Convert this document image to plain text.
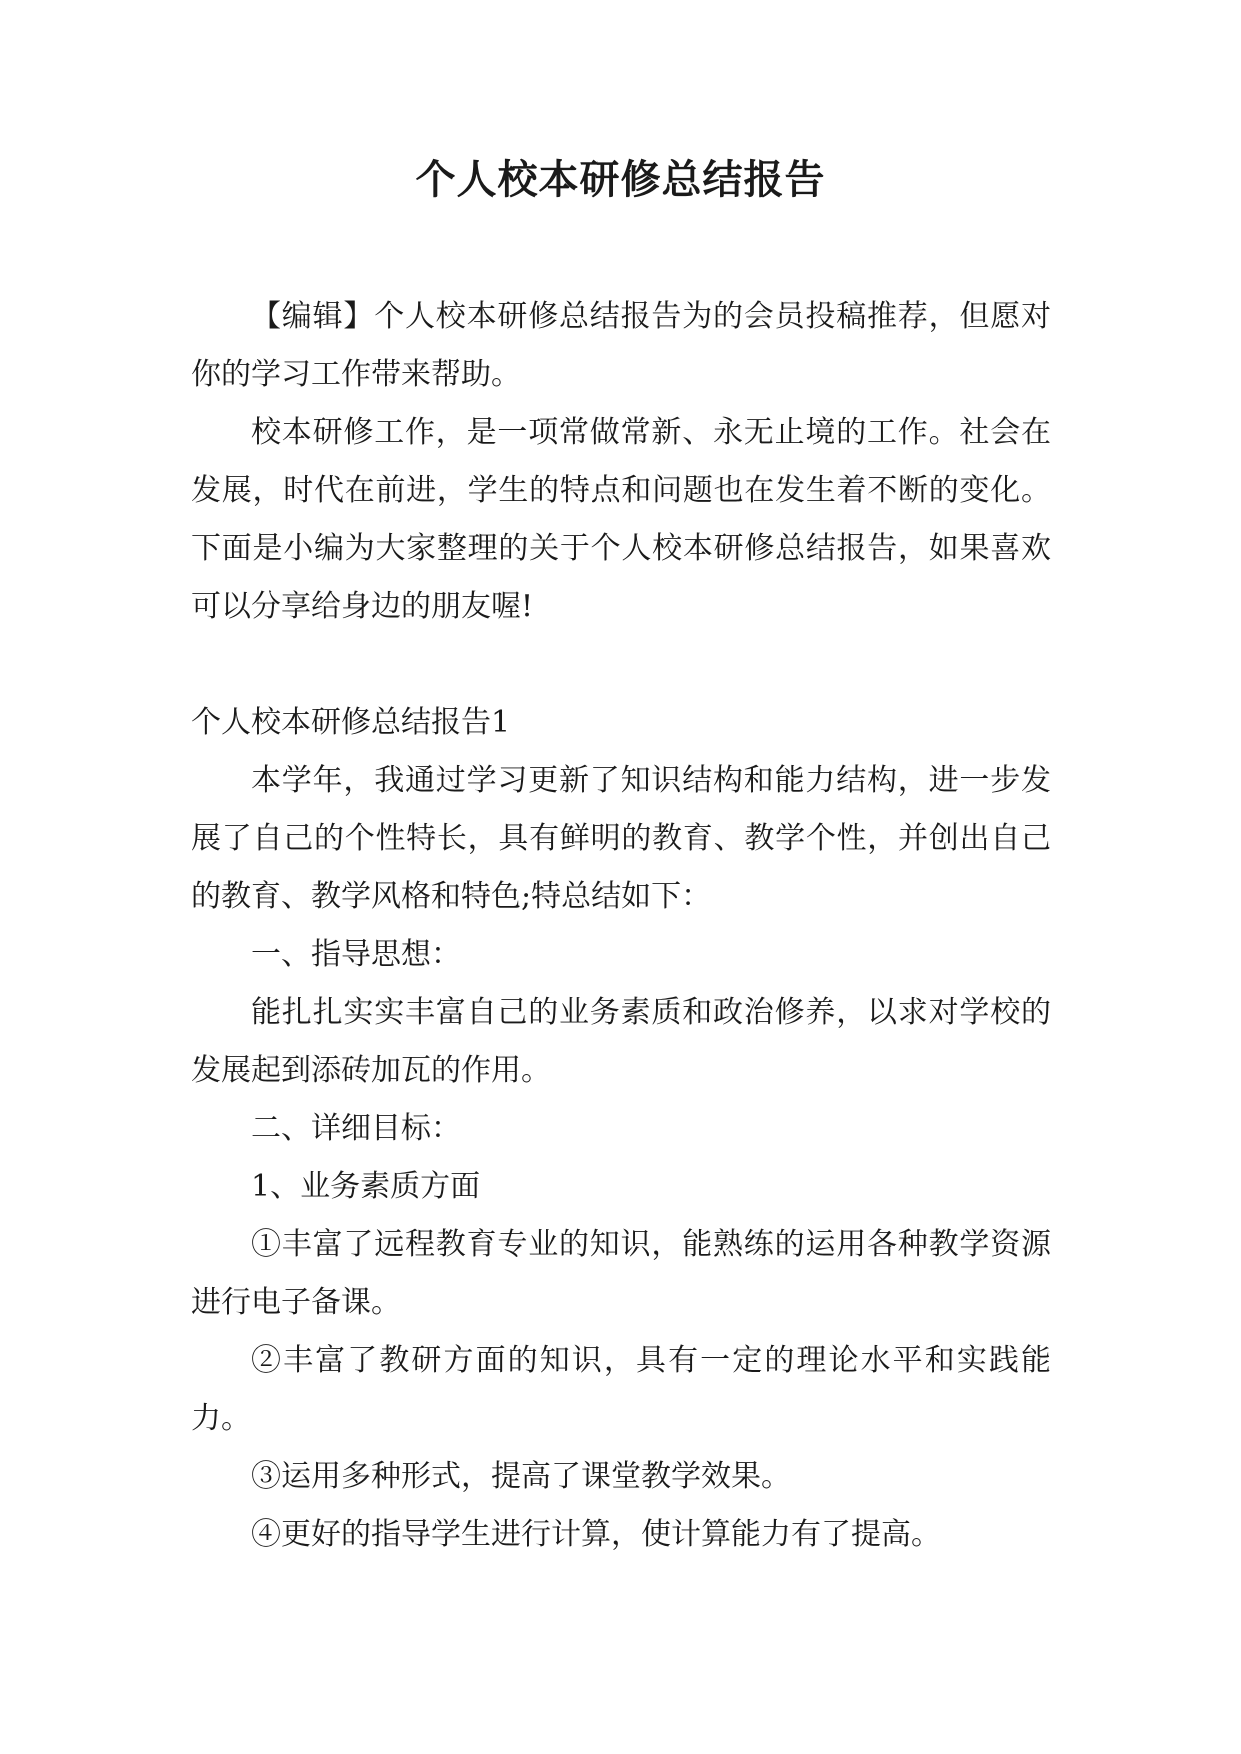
个人校本研修总结报告

【编辑】个人校本研修总结报告为的会员投稿推荐，但愿对你的学习工作带来帮助。

校本研修工作，是一项常做常新、永无止境的工作。社会在发展，时代在前进，学生的特点和问题也在发生着不断的变化。下面是小编为大家整理的关于个人校本研修总结报告，如果喜欢可以分享给身边的朋友喔!

个人校本研修总结报告1

本学年，我通过学习更新了知识结构和能力结构，进一步发展了自己的个性特长，具有鲜明的教育、教学个性，并创出自己的教育、教学风格和特色;特总结如下：

一、指导思想：

能扎扎实实丰富自己的业务素质和政治修养，以求对学校的发展起到添砖加瓦的作用。

二、详细目标：

1、业务素质方面

①丰富了远程教育专业的知识，能熟练的运用各种教学资源进行电子备课。

②丰富了教研方面的知识，具有一定的理论水平和实践能力。

③运用多种形式，提高了课堂教学效果。

④更好的指导学生进行计算，使计算能力有了提高。
